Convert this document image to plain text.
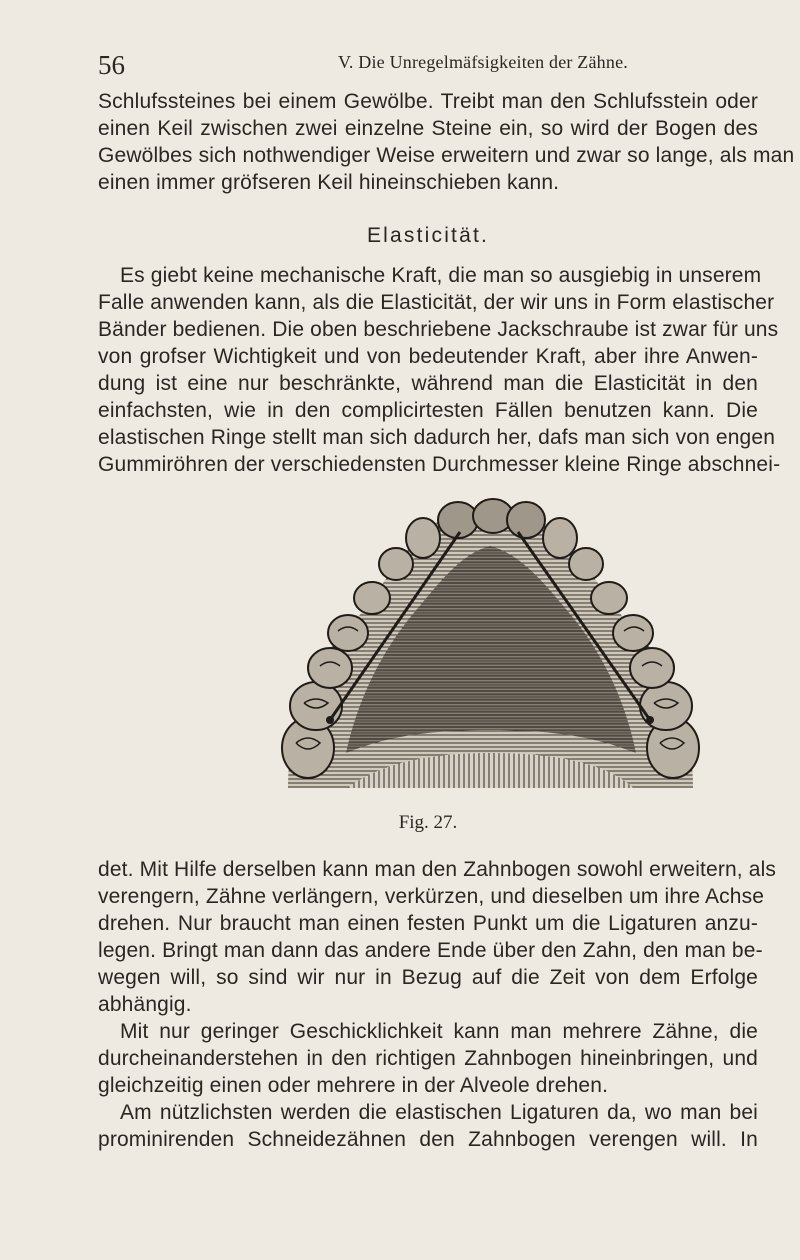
56	V. Die Unregelmäfsigkeiten der Zähne.
Schlufssteines bei einem Gewölbe. Treibt man den Schlufsstein oder
einen Keil zwischen zwei einzelne Steine ein, so wird der Bogen des
Gewölbes sich nothwendiger Weise erweitern und zwar so lange, als man
einen immer gröfseren Keil hineinschieben kann.
Elasticität.
Es giebt keine mechanische Kraft, die man so ausgiebig in unserem
Falle anwenden kann, als die Elasticität, der wir uns in Form elastischer
Bänder bedienen. Die oben beschriebene Jackschraube ist zwar für uns
von grofser Wichtigkeit und von bedeutender Kraft, aber ihre Anwen-
dung ist eine nur beschränkte, während man die Elasticität in den
einfachsten, wie in den complicirtesten Fällen benutzen kann. Die
elastischen Ringe stellt man sich dadurch her, dafs man sich von engen
Gummiröhren der verschiedensten Durchmesser kleine Ringe abschnei-
Fig. 27.
det. Mit Hilfe derselben kann man den Zahnbogen sowohl erweitern, als
verengern, Zähne verlängern, verkürzen, und dieselben um ihre Achse
drehen. Nur braucht man einen festen Punkt um die Ligaturen anzu-
legen. Bringt man dann das andere Ende über den Zahn, den man be-
wegen will, so sind wir nur in Bezug auf die Zeit von dem Erfolge
abhängig.
Mit nur geringer Geschicklichkeit kann man mehrere Zähne, die
durcheinanderstehen in den richtigen Zahnbogen hineinbringen, und
gleichzeitig einen oder mehrere in der Alveole drehen.
Am nützlichsten werden die elastischen Ligaturen da, wo man bei
prominirenden Schneidezähnen den Zahnbogen verengen will. In
